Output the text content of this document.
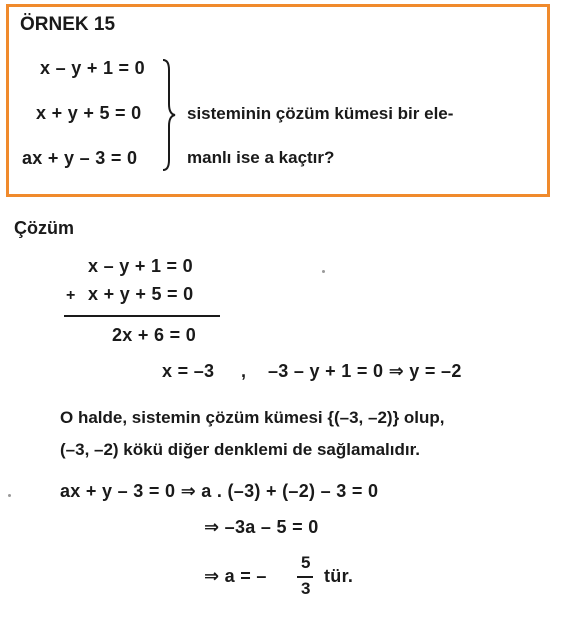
ÖRNEK 15
x – y + 1 = 0
x + y + 5 = 0
ax + y – 3 = 0
sisteminin çözüm kümesi bir ele-
manlı ise a kaçtır?
Çözüm
x – y + 1 = 0
+ x + y + 5 = 0
2x + 6 = 0
x = –3 , –3 – y + 1 = 0 ⇒ y = –2
O halde, sistemin çözüm kümesi {(–3, –2)} olup,
(–3, –2) kökü diğer denklemi de sağlamalıdır.
ax + y – 3 = 0 ⇒ a . (–3) + (–2) – 3 = 0
⇒ –3a – 5 = 0
⇒ a = –
5
3
tür.
